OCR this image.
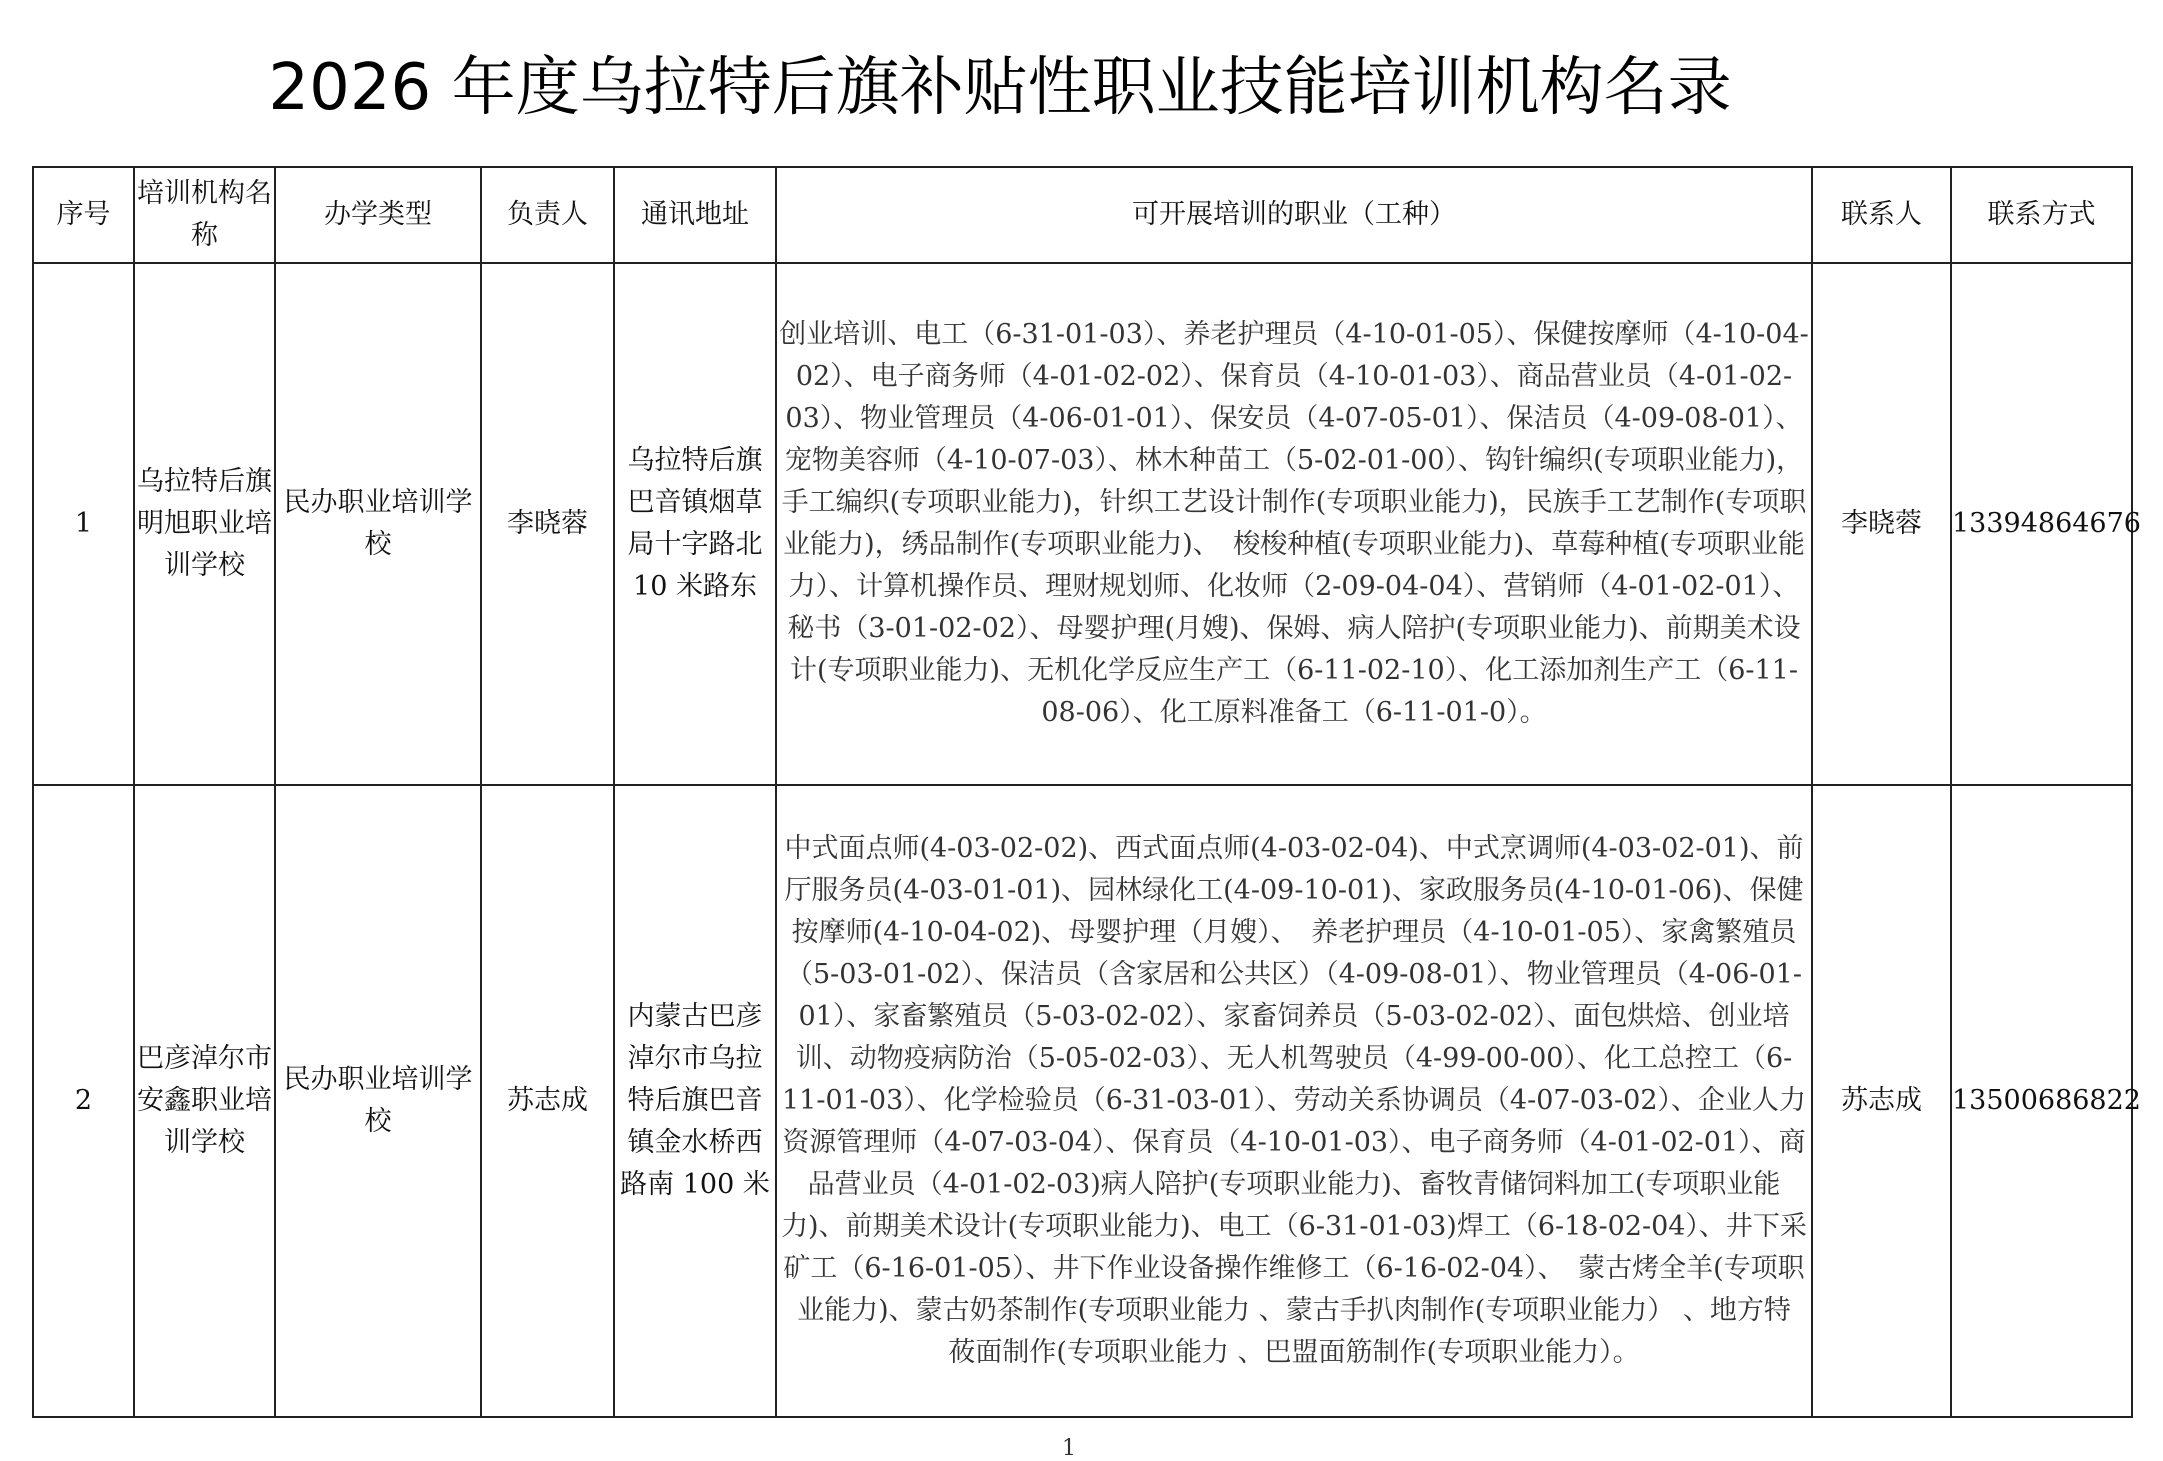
2026 年度乌拉特后旗补贴性职业技能培训机构名录
序号	培训机构名称	办学类型	负责人	通讯地址	可开展培训的职业（工种）	联系人	联系方式
1	乌拉特后旗明旭职业培训学校	民办职业培训学校	李晓蓉	乌拉特后旗巴音镇烟草局十字路北 10 米路东	创业培训、电工（6-31-01-03）、养老护理员（4-10-01-05）、保健按摩师（4-10-04-02）、电子商务师（4-01-02-02）、保育员（4-10-01-03）、商品营业员（4-01-02-03）、物业管理员（4-06-01-01）、保安员（4-07-05-01）、保洁员（4-09-08-01）、宠物美容师（4-10-07-03）、林木种苗工（5-02-01-00）、钩针编织(专项职业能力)，手工编织(专项职业能力)，针织工艺设计制作(专项职业能力)，民族手工艺制作(专项职业能力)，绣品制作(专项职业能力)、　梭梭种植(专项职业能力)、草莓种植(专项职业能力）、计算机操作员、理财规划师、化妆师（2-09-04-04）、营销师（4-01-02-01）、秘书（3-01-02-02）、母婴护理(月嫂)、保姆、病人陪护(专项职业能力)、前期美术设计(专项职业能力)、无机化学反应生产工（6-11-02-10）、化工添加剂生产工（6-11-08-06）、化工原料准备工（6-11-01-0）。	李晓蓉	13394864676
2	巴彦淖尔市安鑫职业培训学校	民办职业培训学校	苏志成	内蒙古巴彦淖尔市乌拉特后旗巴音镇金水桥西路南 100 米	中式面点师(4-03-02-02)、西式面点师(4-03-02-04)、中式烹调师(4-03-02-01)、前厅服务员(4-03-01-01)、园林绿化工(4-09-10-01)、家政服务员(4-10-01-06)、保健按摩师(4-10-04-02)、母婴护理（月嫂）、　养老护理员（4-10-01-05）、家禽繁殖员（5-03-01-02）、保洁员（含家居和公共区）（4-09-08-01）、物业管理员（4-06-01-01）、家畜繁殖员（5-03-02-02）、家畜饲养员（5-03-02-02）、面包烘焙、创业培训、动物疫病防治（5-05-02-03）、无人机驾驶员（4-99-00-00）、化工总控工（6-11-01-03）、化学检验员（6-31-03-01）、劳动关系协调员（4-07-03-02）、企业人力资源管理师（4-07-03-04）、保育员（4-10-01-03）、电子商务师（4-01-02-01）、商品营业员（4-01-02-03)病人陪护(专项职业能力)、畜牧青储饲料加工(专项职业能力)、前期美术设计(专项职业能力)、电工（6-31-01-03)焊工（6-18-02-04）、井下采矿工（6-16-01-05）、井下作业设备操作维修工（6-16-02-04）、　蒙古烤全羊(专项职业能力)、蒙古奶茶制作(专项职业能力 、蒙古手扒肉制作(专项职业能力） 、地方特　莜面制作(专项职业能力 、巴盟面筋制作(专项职业能力）。	苏志成	13500686822
1
